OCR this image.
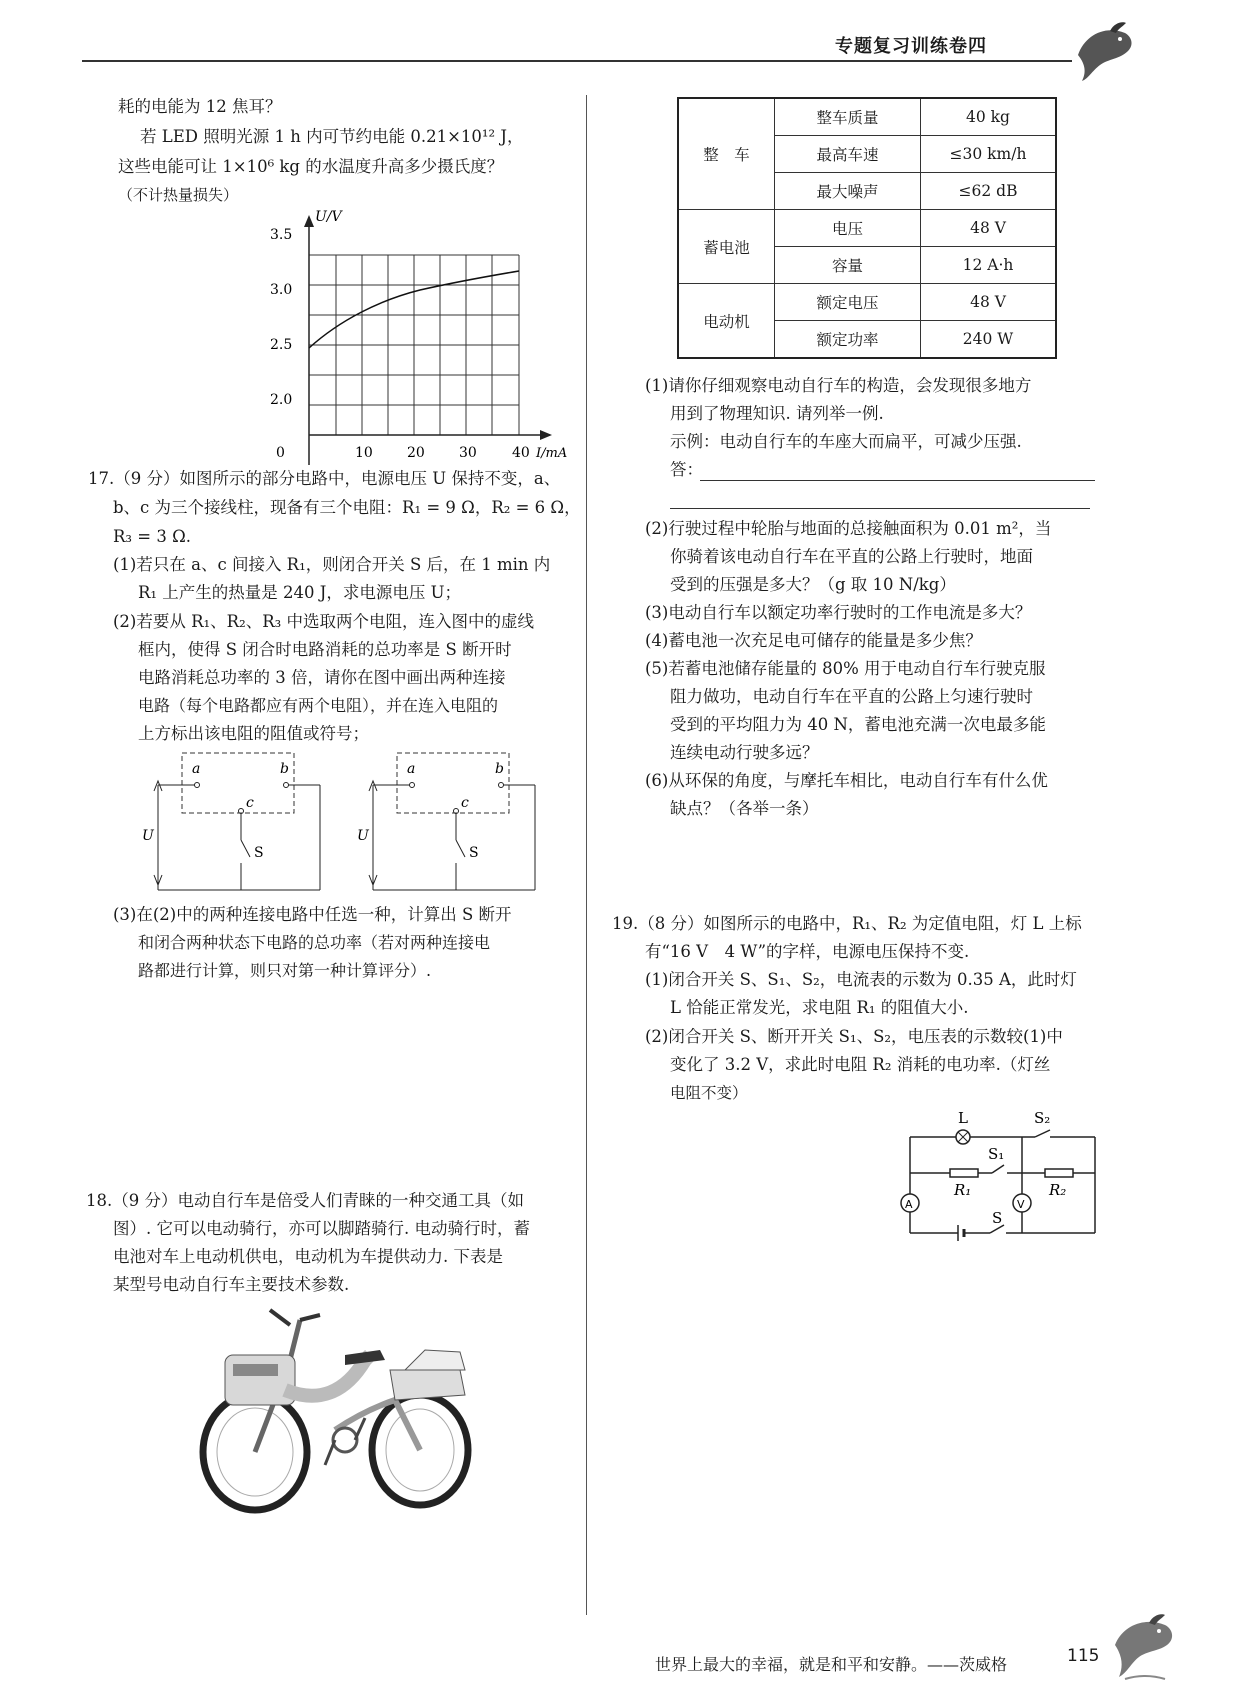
专题复习训练卷四
耗的电能为 12 焦耳？
若 LED 照明光源 1 h 内可节约电能 0.21×10¹² J，
这些电能可让 1×10⁶ kg 的水温度升高多少摄氏度？
（不计热量损失）
U/V
3.5
3.0
2.5
2.0
0	10 20 30	40 I/mA
17.（9 分）如图所示的部分电路中，电源电压 U 保持不变，a、
b、c 为三个接线柱，现备有三个电阻：R₁ = 9 Ω，R₂ = 6 Ω，
R₃ = 3 Ω.
(1)若只在 a、c 间接入 R₁，则闭合开关 S 后，在 1 min 内
R₁ 上产生的热量是 240 J，求电源电压 U；
(2)若要从 R₁、R₂、R₃ 中选取两个电阻，连入图中的虚线
框内，使得 S 闭合时电路消耗的总功率是 S 断开时
电路消耗总功率的 3 倍，请你在图中画出两种连接
电路（每个电路都应有两个电阻），并在连入电阻的
上方标出该电阻的阻值或符号；
a	b
c
U
S
a	b
c
U
S
(3)在(2)中的两种连接电路中任选一种，计算出 S 断开
和闭合两种状态下电路的总功率（若对两种连接电
路都进行计算，则只对第一种计算评分）.
18.（9 分）电动自行车是倍受人们青睐的一种交通工具（如
图）. 它可以电动骑行，亦可以脚踏骑行. 电动骑行时，蓄
电池对车上电动机供电，电动机为车提供动力. 下表是
某型号电动自行车主要技术参数.
整　车	整车质量	40 kg
	最高车速	≤30 km/h
	最大噪声	≤62 dB
蓄电池	电压	48 V
	容量	12 A·h
电动机	额定电压	48 V
	额定功率	240 W
(1)请你仔细观察电动自行车的构造，会发现很多地方
用到了物理知识. 请列举一例.
示例：电动自行车的车座大而扁平，可减少压强.
答：
(2)行驶过程中轮胎与地面的总接触面积为 0.01 m²，当
你骑着该电动自行车在平直的公路上行驶时，地面
受到的压强是多大？（g 取 10 N/kg）
(3)电动自行车以额定功率行驶时的工作电流是多大？
(4)蓄电池一次充足电可储存的能量是多少焦？
(5)若蓄电池储存能量的 80% 用于电动自行车行驶克服
阻力做功，电动自行车在平直的公路上匀速行驶时
受到的平均阻力为 40 N，蓄电池充满一次电最多能
连续电动行驶多远？
(6)从环保的角度，与摩托车相比，电动自行车有什么优
缺点？（各举一条）
19.（8 分）如图所示的电路中，R₁、R₂ 为定值电阻，灯 L 上标
有“16 V　4 W”的字样，电源电压保持不变.
(1)闭合开关 S、S₁、S₂，电流表的示数为 0.35 A，此时灯
L 恰能正常发光，求电阻 R₁ 的阻值大小.
(2)闭合开关 S、断开开关 S₁、S₂，电压表的示数较(1)中
变化了 3.2 V，求此时电阻 R₂ 消耗的电功率.（灯丝
电阻不变）
L	S₂
S₁
R₁	R₂
A	V
S
世界上最大的幸福，就是和平和安静。——茨威格	115
